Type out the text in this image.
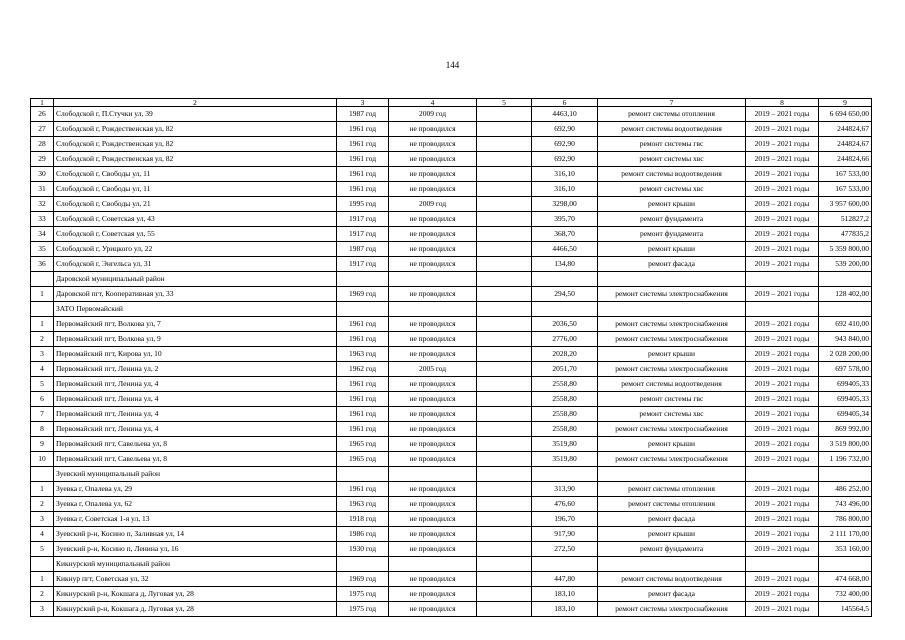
144
1	2	3	4	5	6	7	8	9
26	Слободской г, П.Стучки ул, 39	1987 год	2009 год		4463,10	ремонт системы отопления	2019 – 2021 годы	6 694 650,00
27	Слободской г, Рождественская ул, 82	1961 год	не проводился		692,90	ремонт системы водоотведения	2019 – 2021 годы	244824,67
28	Слободской г, Рождественская ул, 82	1961 год	не проводился		692,90	ремонт системы гвс	2019 – 2021 годы	244824,67
29	Слободской г, Рождественская ул, 82	1961 год	не проводился		692,90	ремонт системы хвс	2019 – 2021 годы	244824,66
30	Слободской г, Свободы ул, 11	1961 год	не проводился		316,10	ремонт системы водоотведения	2019 – 2021 годы	167 533,00
31	Слободской г, Свободы ул, 11	1961 год	не проводился		316,10	ремонт системы хвс	2019 – 2021 годы	167 533,00
32	Слободской г, Свободы ул, 21	1995 год	2009 год		3298,00	ремонт крыши	2019 – 2021 годы	3 957 600,00
33	Слободской г, Советская ул, 43	1917 год	не проводился		395,70	ремонт фундамента	2019 – 2021 годы	512827,2
34	Слободской г, Советская ул, 55	1917 год	не проводился		368,70	ремонт фундамента	2019 – 2021 годы	477835,2
35	Слободской г, Урицкого ул, 22	1987 год	не проводился		4466,50	ремонт крыши	2019 – 2021 годы	5 359 800,00
36	Слободской г, Энгельса ул, 31	1917 год	не проводился		134,80	ремонт фасада	2019 – 2021 годы	539 200,00
	Даровской муниципальный район							
1	Даровской пгт, Кооперативная ул, 33	1969 год	не проводился		294,50	ремонт системы электроснабжения	2019 – 2021 годы	128 402,00
	ЗАТО Первомайский							
1	Первомайский пгт, Волкова ул, 7	1961 год	не проводился		2036,50	ремонт системы электроснабжения	2019 – 2021 годы	692 410,00
2	Первомайский пгт, Волкова ул, 9	1961 год	не проводился		2776,00	ремонт системы электроснабжения	2019 – 2021 годы	943 840,00
3	Первомайский пгт, Кирова ул, 10	1963 год	не проводился		2028,20	ремонт крыши	2019 – 2021 годы	2 028 200,00
4	Первомайский пгт, Ленина ул, 2	1962 год	2005 год		2051,70	ремонт системы электроснабжения	2019 – 2021 годы	697 578,00
5	Первомайский пгт, Ленина ул, 4	1961 год	не проводился		2558,80	ремонт системы водоотведения	2019 – 2021 годы	699405,33
6	Первомайский пгт, Ленина ул, 4	1961 год	не проводился		2558,80	ремонт системы гвс	2019 – 2021 годы	699405,33
7	Первомайский пгт, Ленина ул, 4	1961 год	не проводился		2558,80	ремонт системы хвс	2019 – 2021 годы	699405,34
8	Первомайский пгт, Ленина ул, 4	1961 год	не проводился		2558,80	ремонт системы электроснабжения	2019 – 2021 годы	869 992,00
9	Первомайский пгт, Савельева ул, 8	1965 год	не проводился		3519,80	ремонт крыши	2019 – 2021 годы	3 519 800,00
10	Первомайский пгт, Савельева ул, 8	1965 год	не проводился		3519,80	ремонт системы электроснабжения	2019 – 2021 годы	1 196 732,00
	Зуевский муниципальный район							
1	Зуевка г, Опалева ул, 29	1961 год	не проводился		313,90	ремонт системы отопления	2019 – 2021 годы	486 252,00
2	Зуевка г, Опалева ул, 62	1963 год	не проводился		476,60	ремонт системы отопления	2019 – 2021 годы	743 496,00
3	Зуевка г, Советская 1-я ул, 13	1918 год	не проводился		196,70	ремонт фасада	2019 – 2021 годы	786 800,00
4	Зуевский р-н, Косино п, Заливная ул, 14	1986 год	не проводился		917,90	ремонт крыши	2019 – 2021 годы	2 111 170,00
5	Зуевский р-н, Косино п, Ленина ул, 16	1930 год	не проводился		272,50	ремонт фундамента	2019 – 2021 годы	353 160,00
	Кикнурский муниципальный район							
1	Кикнур пгт, Советская ул, 32	1969 год	не проводился		447,80	ремонт системы водоотведения	2019 – 2021 годы	474 668,00
2	Кикнурский р-н, Кокшага д, Луговая ул, 28	1975 год	не проводился		183,10	ремонт фасада	2019 – 2021 годы	732 400,00
3	Кикнурский р-н, Кокшага д, Луговая ул, 28	1975 год	не проводился		183,10	ремонт системы электроснабжения	2019 – 2021 годы	145564,5
